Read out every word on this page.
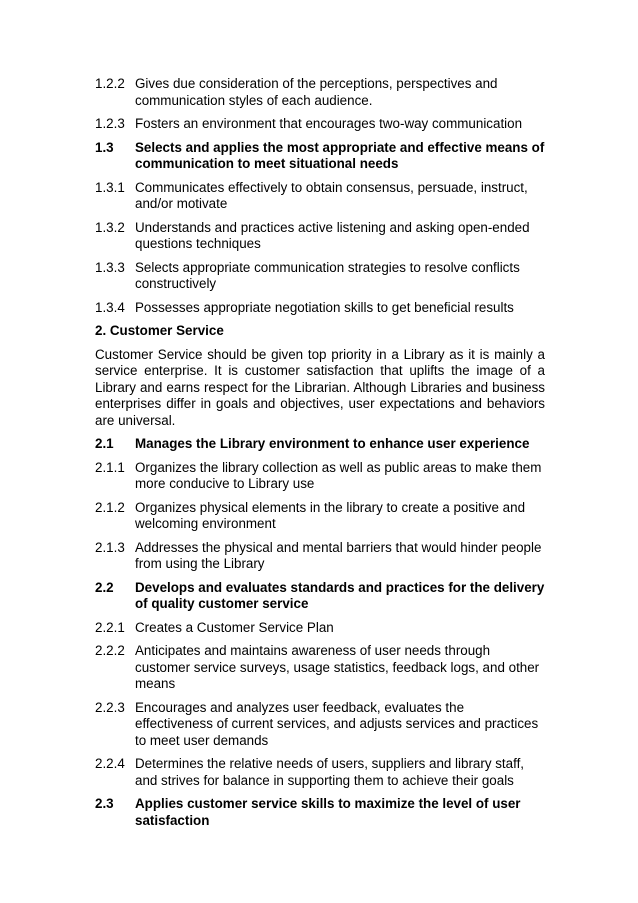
1.2.2 Gives due consideration of the perceptions, perspectives and communication styles of each audience.
1.2.3 Fosters an environment that encourages two-way communication
1.3	Selects and applies the most appropriate and effective means of communication to meet situational needs
1.3.1 Communicates effectively to obtain consensus, persuade, instruct, and/or motivate
1.3.2 Understands and practices active listening and asking open-ended questions techniques
1.3.3 Selects appropriate communication strategies to resolve conflicts constructively
1.3.4 Possesses appropriate negotiation skills to get beneficial results
2. Customer Service
Customer Service should be given top priority in a Library as it is mainly a service enterprise. It is customer satisfaction that uplifts the image of a Library and earns respect for the Librarian. Although Libraries and business enterprises differ in goals and objectives, user expectations and behaviors are universal.
2.1	Manages the Library environment to enhance user experience
2.1.1 Organizes the library collection as well as public areas to make them more conducive to Library use
2.1.2 Organizes physical elements in the library to create a positive and welcoming environment
2.1.3 Addresses the physical and mental barriers that would hinder people from using the Library
2.2	Develops and evaluates standards and practices for the delivery of quality customer service
2.2.1 Creates a Customer Service Plan
2.2.2 Anticipates and maintains awareness of user needs through customer service surveys, usage statistics, feedback logs, and other means
2.2.3 Encourages and analyzes user feedback, evaluates the effectiveness of current services, and adjusts services and practices to meet user demands
2.2.4 Determines the relative needs of users, suppliers and library staff, and strives for balance in supporting them to achieve their goals
2.3	Applies customer service skills to maximize the level of user satisfaction
